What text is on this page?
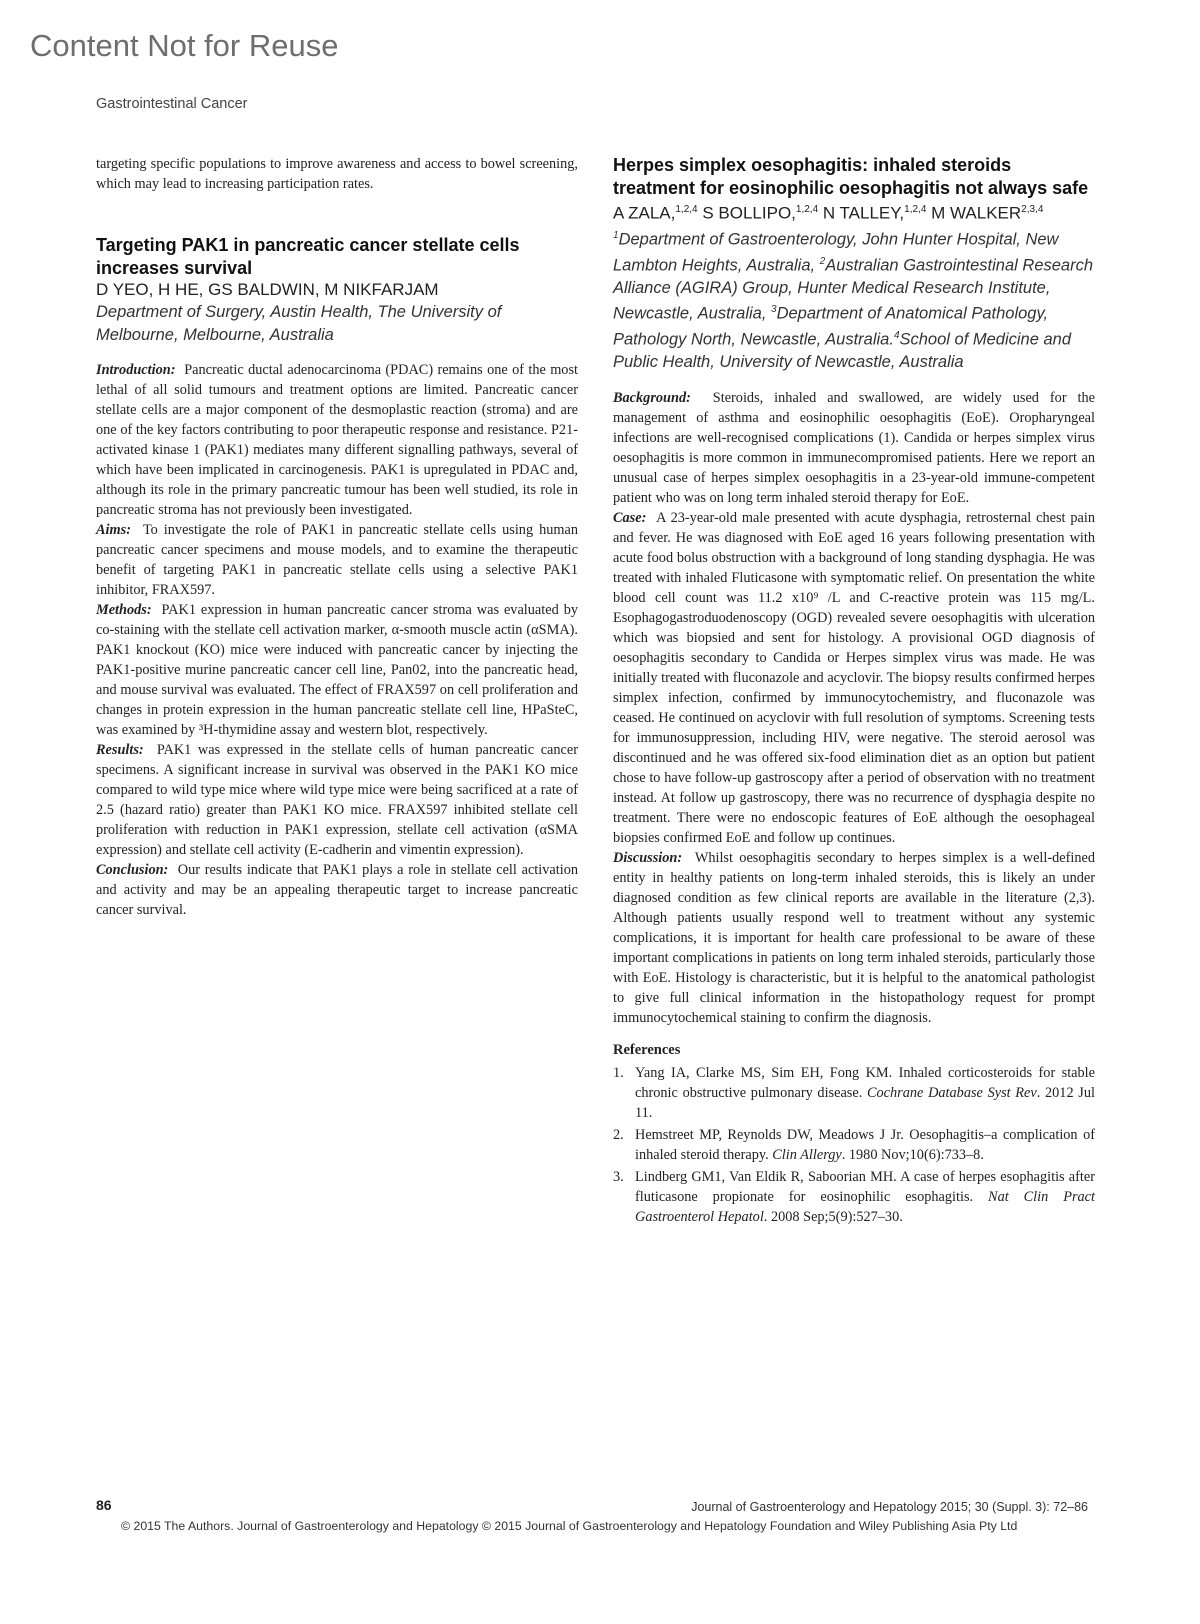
Content Not for Reuse
Gastrointestinal Cancer

targeting specific populations to improve awareness and access to bowel screening, which may lead to increasing participation rates.

Targeting PAK1 in pancreatic cancer stellate cells increases survival

D YEO, H HE, GS BALDWIN, M NIKFARJAM

Department of Surgery, Austin Health, The University of Melbourne, Melbourne, Australia

Introduction: Pancreatic ductal adenocarcinoma (PDAC) remains one of the most lethal of all solid tumours and treatment options are limited. Pancreatic cancer stellate cells are a major component of the desmoplastic reaction (stroma) and are one of the key factors contributing to poor therapeutic response and resistance. P21-activated kinase 1 (PAK1) mediates many different signalling pathways, several of which have been implicated in carcinogenesis. PAK1 is upregulated in PDAC and, although its role in the primary pancreatic tumour has been well studied, its role in pancreatic stroma has not previously been investigated.

Aims: To investigate the role of PAK1 in pancreatic stellate cells using human pancreatic cancer specimens and mouse models, and to examine the therapeutic benefit of targeting PAK1 in pancreatic stellate cells using a selective PAK1 inhibitor, FRAX597.

Methods: PAK1 expression in human pancreatic cancer stroma was evaluated by co-staining with the stellate cell activation marker, α-smooth muscle actin (αSMA). PAK1 knockout (KO) mice were induced with pancreatic cancer by injecting the PAK1-positive murine pancreatic cancer cell line, Pan02, into the pancreatic head, and mouse survival was evaluated. The effect of FRAX597 on cell proliferation and changes in protein expression in the human pancreatic stellate cell line, HPaSteC, was examined by ³H-thymidine assay and western blot, respectively.

Results: PAK1 was expressed in the stellate cells of human pancreatic cancer specimens. A significant increase in survival was observed in the PAK1 KO mice compared to wild type mice where wild type mice were being sacrificed at a rate of 2.5 (hazard ratio) greater than PAK1 KO mice. FRAX597 inhibited stellate cell proliferation with reduction in PAK1 expression, stellate cell activation (αSMA expression) and stellate cell activity (E-cadherin and vimentin expression).

Conclusion: Our results indicate that PAK1 plays a role in stellate cell activation and activity and may be an appealing therapeutic target to increase pancreatic cancer survival.

Herpes simplex oesophagitis: inhaled steroids treatment for eosinophilic oesophagitis not always safe

A ZALA,$^{1,2,4}$ S BOLLIPO,$^{1,2,4}$ N TALLEY,$^{1,2,4}$ M WALKER$^{2,3,4}$

$^1$Department of Gastroenterology, John Hunter Hospital, New Lambton Heights, Australia, $^2$Australian Gastrointestinal Research Alliance (AGIRA) Group, Hunter Medical Research Institute, Newcastle, Australia, $^3$Department of Anatomical Pathology, Pathology North, Newcastle, Australia.$^4$School of Medicine and Public Health, University of Newcastle, Australia

Background: Steroids, inhaled and swallowed, are widely used for the management of asthma and eosinophilic oesophagitis (EoE). Oropharyngeal infections are well-recognised complications (1). Candida or herpes simplex virus oesophagitis is more common in immunecompromised patients. Here we report an unusual case of herpes simplex oesophagitis in a 23-year-old immune-competent patient who was on long term inhaled steroid therapy for EoE.

Case: A 23-year-old male presented with acute dysphagia, retrosternal chest pain and fever. He was diagnosed with EoE aged 16 years following presentation with acute food bolus obstruction with a background of long standing dysphagia. He was treated with inhaled Fluticasone with symptomatic relief. On presentation the white blood cell count was 11.2 x10⁹ /L and C-reactive protein was 115 mg/L. Esophagogastroduodenoscopy (OGD) revealed severe oesophagitis with ulceration which was biopsied and sent for histology. A provisional OGD diagnosis of oesophagitis secondary to Candida or Herpes simplex virus was made. He was initially treated with fluconazole and acyclovir. The biopsy results confirmed herpes simplex infection, confirmed by immunocytochemistry, and fluconazole was ceased. He continued on acyclovir with full resolution of symptoms. Screening tests for immunosuppression, including HIV, were negative. The steroid aerosol was discontinued and he was offered six-food elimination diet as an option but patient chose to have follow-up gastroscopy after a period of observation with no treatment instead. At follow up gastroscopy, there was no recurrence of dysphagia despite no treatment. There were no endoscopic features of EoE although the oesophageal biopsies confirmed EoE and follow up continues.

Discussion: Whilst oesophagitis secondary to herpes simplex is a well-defined entity in healthy patients on long-term inhaled steroids, this is likely an under diagnosed condition as few clinical reports are available in the literature (2,3). Although patients usually respond well to treatment without any systemic complications, it is important for health care professional to be aware of these important complications in patients on long term inhaled steroids, particularly those with EoE. Histology is characteristic, but it is helpful to the anatomical pathologist to give full clinical information in the histopathology request for prompt immunocytochemical staining to confirm the diagnosis.

References
1. Yang IA, Clarke MS, Sim EH, Fong KM. Inhaled corticosteroids for stable chronic obstructive pulmonary disease. Cochrane Database Syst Rev. 2012 Jul 11.
2. Hemstreet MP, Reynolds DW, Meadows J Jr. Oesophagitis–a complication of inhaled steroid therapy. Clin Allergy. 1980 Nov;10(6):733–8.
3. Lindberg GM1, Van Eldik R, Saboorian MH. A case of herpes esophagitis after fluticasone propionate for eosinophilic esophagitis. Nat Clin Pract Gastroenterol Hepatol. 2008 Sep;5(9):527–30.
86	Journal of Gastroenterology and Hepatology 2015; 30 (Suppl. 3): 72–86
© 2015 The Authors. Journal of Gastroenterology and Hepatology © 2015 Journal of Gastroenterology and Hepatology Foundation and Wiley Publishing Asia Pty Ltd
